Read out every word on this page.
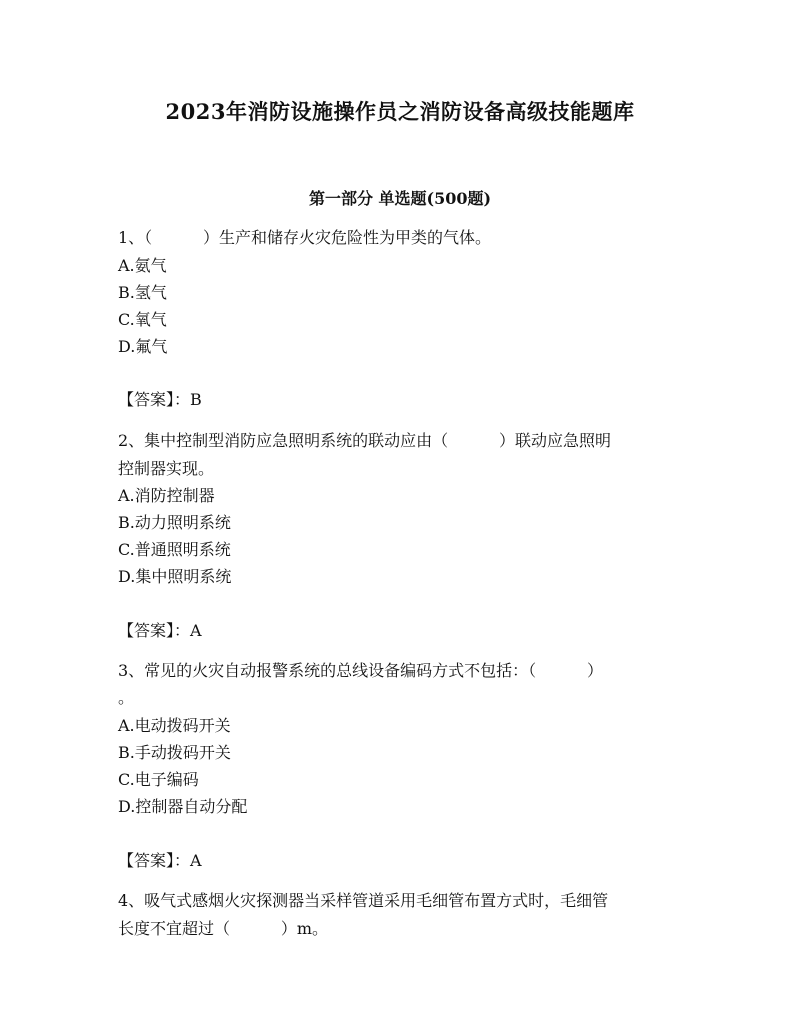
2023年消防设施操作员之消防设备高级技能题库
第一部分 单选题(500题)
1、（          ）生产和储存火灾危险性为甲类的气体。
A.氨气
B.氢气
C.氧气
D.氟气
【答案】：B
2、集中控制型消防应急照明系统的联动应由（          ）联动应急照明
控制器实现。
A.消防控制器
B.动力照明系统
C.普通照明系统
D.集中照明系统
【答案】：A
3、常见的火灾自动报警系统的总线设备编码方式不包括：（          ）
。
A.电动拨码开关
B.手动拨码开关
C.电子编码
D.控制器自动分配
【答案】：A
4、吸气式感烟火灾探测器当采样管道采用毛细管布置方式时，毛细管
长度不宜超过（          ）m。
